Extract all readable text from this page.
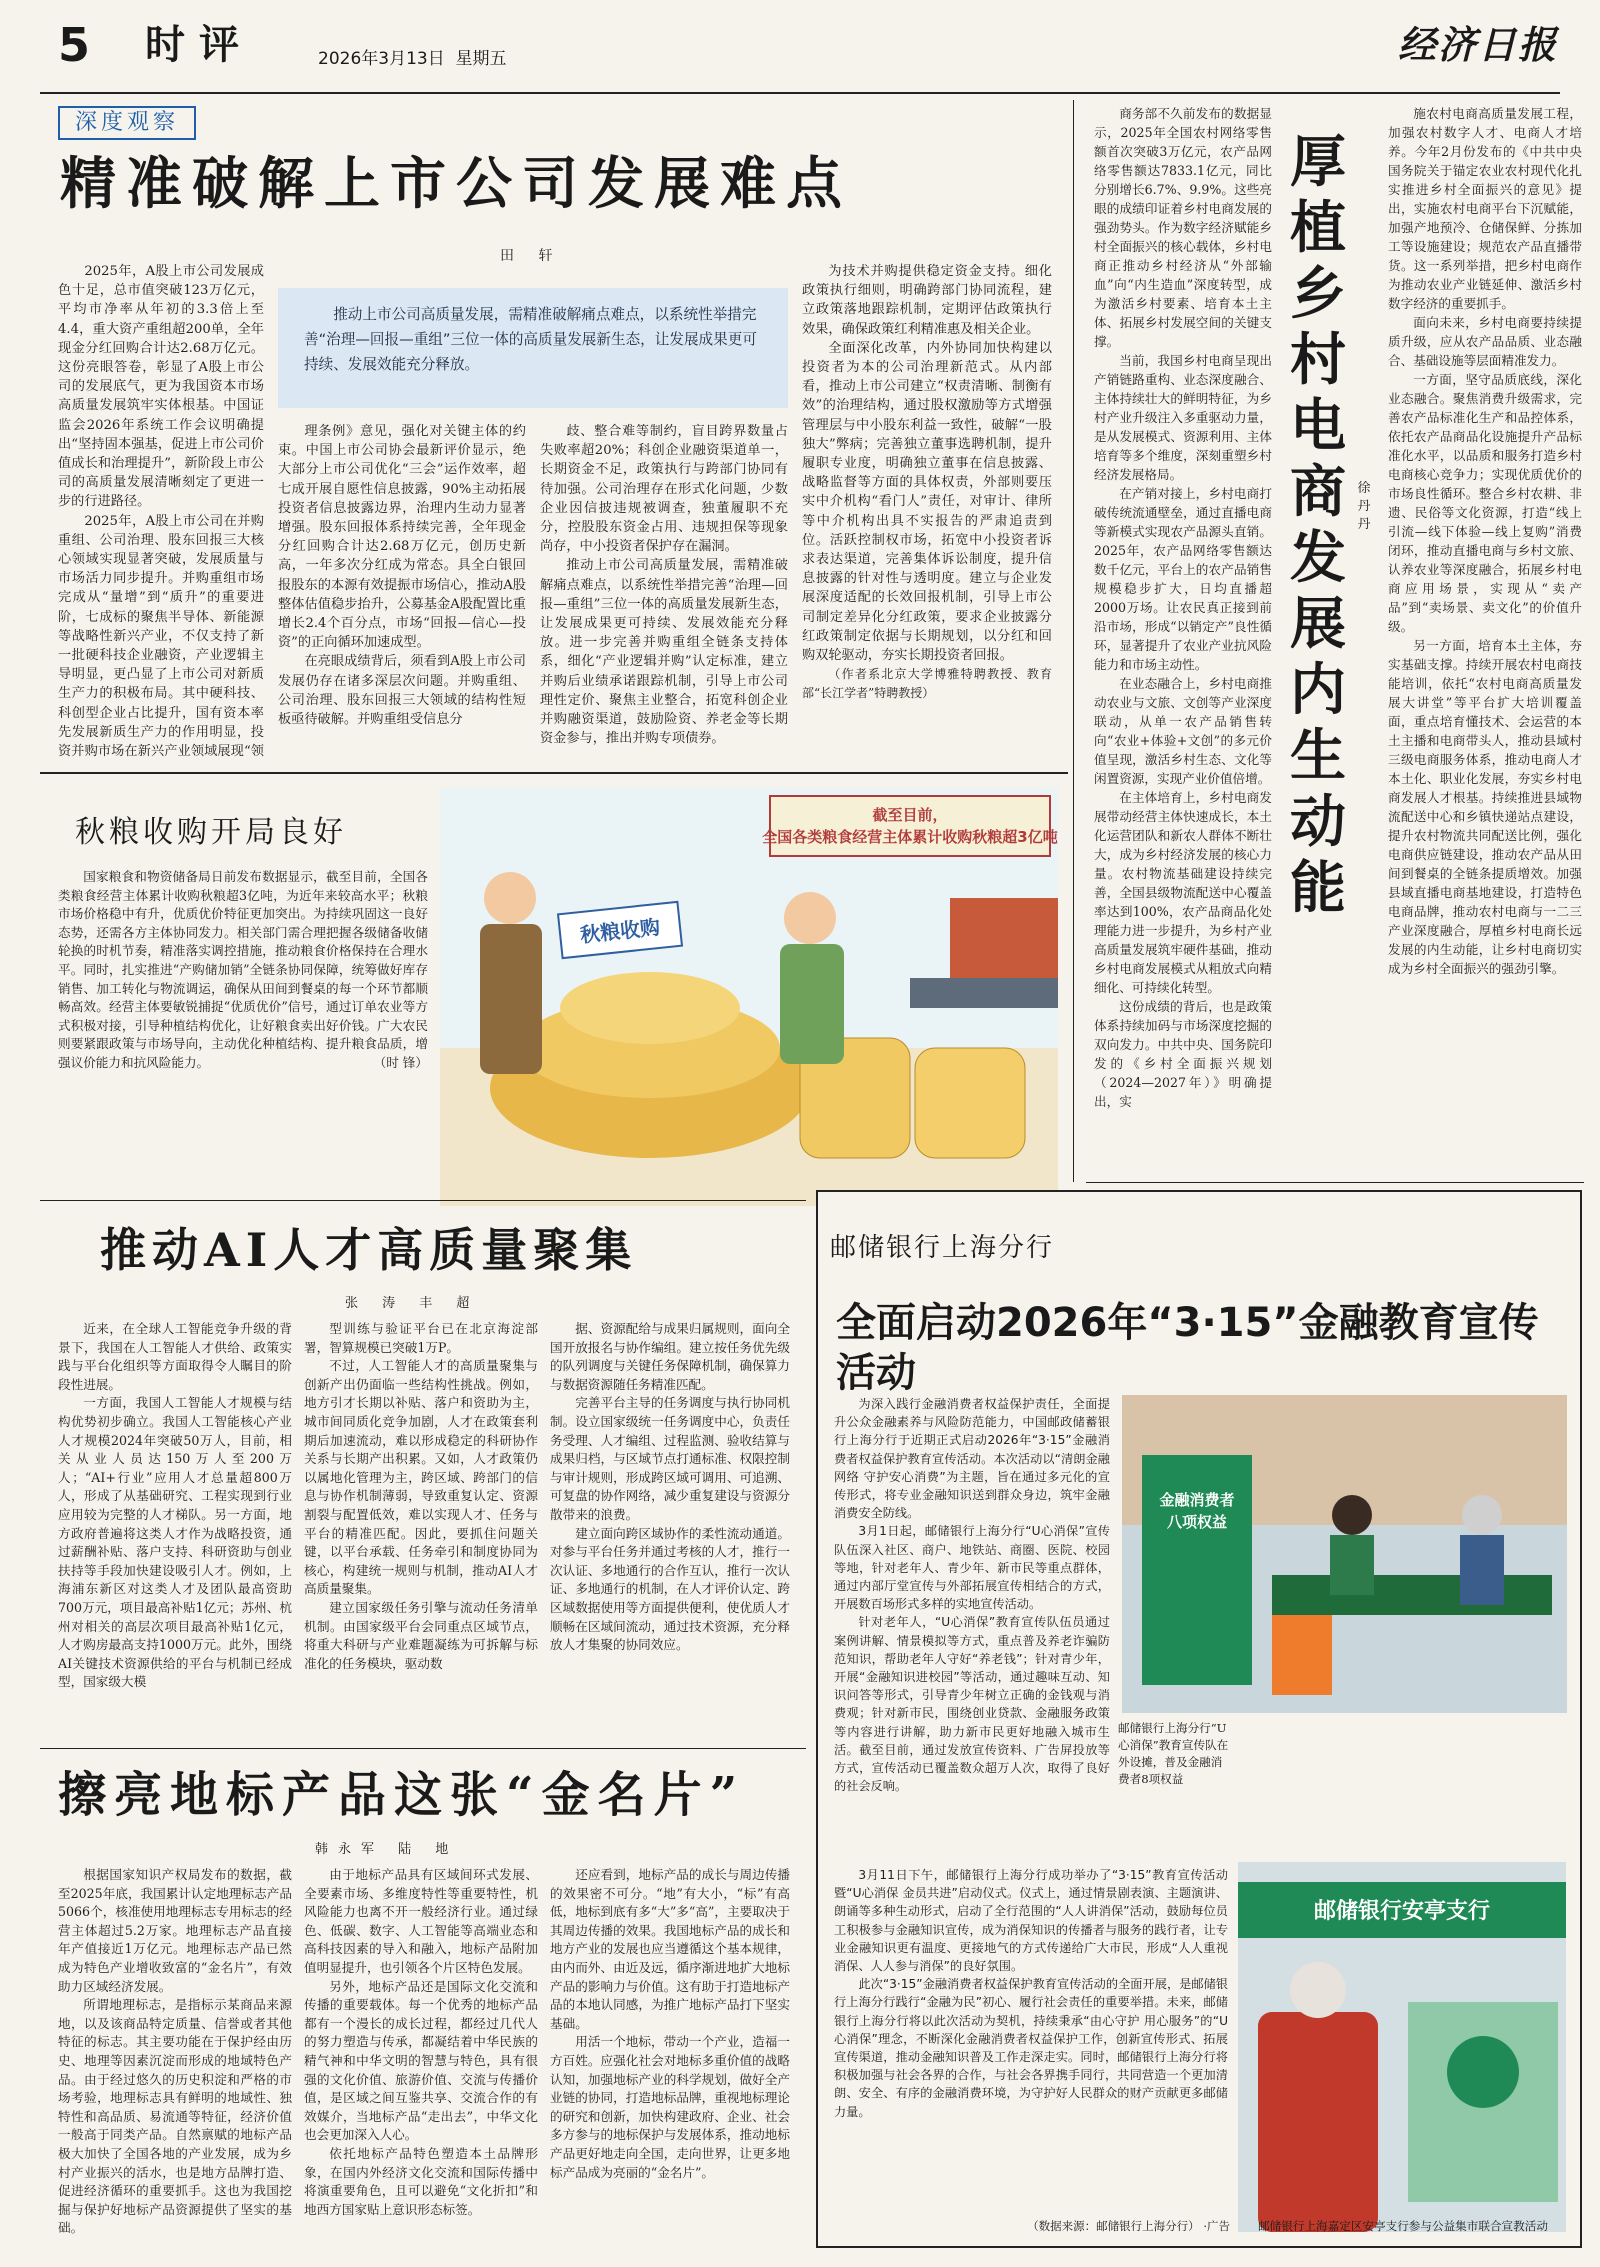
5 时评	2026年3月13日 星期五	经济日报
深度观察
精准破解上市公司发展难点
田 轩
推动上市公司高质量发展，需精准破解痛点难点，以系统性举措完善“治理—回报—重组”三位一体的高质量发展新生态，让发展成果更可持续、发展效能充分释放。

2025年，A股上市公司发展成色十足，总市值突破123万亿元，平均市净率从年初的3.3倍上至4.4，重大资产重组超200单，全年现金分红回购合计达2.68万亿元。这份亮眼答卷，彰显了A股上市公司的发展底气，更为我国资本市场高质量发展筑牢实体根基。中国证监会2026年系统工作会议明确提出“坚持固本强基，促进上市公司价值成长和治理提升”，新阶段上市公司的高质量发展清晰刻定了更进一步的行进路径。

2025年，A股上市公司在并购重组、公司治理、股东回报三大核心领域实现显著突破，发展质量与市场活力同步提升。并购重组市场完成从“量增”到“质升”的重要进阶，七成标的聚焦半导体、新能源等战略性新兴产业，不仅支持了新一批硬科技企业融资，产业逻辑主导明显，更凸显了上市公司对新质生产力的积极布局。其中硬科技、科创型企业占比提升，国有资本率先发展新质生产力的作用明显，投资并购市场在新兴产业领域展现“领

理条例》意见，强化对关键主体的约束。中国上市公司协会最新评价显示，绝大部分上市公司优化“三会”运作效率，超七成开展自愿性信息披露，90%主动拓展投资者信息披露边界，治理内生动力显著增强。股东回报体系持续完善，全年现金分红回购合计达2.68万亿元，创历史新高，一年多次分红成为常态。具全白银回报股东的本源有效提振市场信心，推动A股整体估值稳步抬升，公募基金A股配置比重增长2.4个百分点，市场“回报—信心—投资”的正向循环加速成型。

在亮眼成绩背后，须看到A股上市公司发展仍存在诸多深层次问题。并购重组、公司治理、股东回报三大领域的结构性短板亟待破解。并购重组受信息分

歧、整合难等制约，盲目跨界数量占失败率超20%；科创企业融资渠道单一，长期资金不足，政策执行与跨部门协同有待加强。公司治理存在形式化问题，少数企业因信披违规被调查，独董履职不充分，控股股东资金占用、违规担保等现象尚存，中小投资者保护存在漏洞。

推动上市公司高质量发展，需精准破解痛点难点，以系统性举措完善“治理—回报—重组”三位一体的高质量发展新生态，让发展成果更可持续、发展效能充分释放。进一步完善并购重组全链条支持体系，细化“产业逻辑并购”认定标准，建立并购后业绩承诺跟踪机制，引导上市公司理性定价、聚焦主业整合，拓宽科创企业并购融资渠道，鼓励险资、养老金等长期资金参与，推出并购专项债券。

为技术并购提供稳定资金支持。细化政策执行细则，明确跨部门协同流程，建立政策落地跟踪机制，定期评估政策执行效果，确保政策红利精准惠及相关企业。

全面深化改革，内外协同加快构建以投资者为本的公司治理新范式。从内部看，推动上市公司建立“权责清晰、制衡有效”的治理结构，通过股权激励等方式增强管理层与中小股东利益一致性，破解“一股独大”弊病；完善独立董事选聘机制，提升履职专业度，明确独立董事在信息披露、战略监督等方面的具体权责，外部则要压实中介机构“看门人”责任，对审计、律所等中介机构出具不实报告的严肃追责到位。活跃控制权市场，拓宽中小投资者诉求表达渠道，完善集体诉讼制度，提升信息披露的针对性与透明度。建立与企业发展深度适配的长效回报机制，引导上市公司制定差异化分红政策，要求企业披露分红政策制定依据与长期规划，以分红和回购双轮驱动，夯实长期投资者回报。

（作者系北京大学博雅特聘教授、教育部“长江学者”特聘教授）

商务部不久前发布的数据显示，2025年全国农村网络零售额首次突破3万亿元，农产品网络零售额达7833.1亿元，同比分别增长6.7%、9.9%。这些亮眼的成绩印证着乡村电商发展的强劲势头。作为数字经济赋能乡村全面振兴的核心载体，乡村电商正推动乡村经济从“外部输血”向“内生造血”深度转型，成为激活乡村要素、培育本土主体、拓展乡村发展空间的关键支撑。

当前，我国乡村电商呈现出产销链路重构、业态深度融合、主体持续壮大的鲜明特征，为乡村产业升级注入多重驱动力量，是从发展模式、资源利用、主体培育等多个维度，深刻重塑乡村经济发展格局。

在产销对接上，乡村电商打破传统流通壁垒，通过直播电商等新模式实现农产品源头直销。2025年，农产品网络零售额达数千亿元，平台上的农产品销售规模稳步扩大，日均直播超2000万场。让农民真正接到前沿市场，形成“以销定产”良性循环，显著提升了农业产业抗风险能力和市场主动性。

在业态融合上，乡村电商推动农业与文旅、文创等产业深度联动，从单一农产品销售转向“农业+体验+文创”的多元价值呈现，激活乡村生态、文化等闲置资源，实现产业价值倍增。

在主体培育上，乡村电商发展带动经营主体快速成长，本土化运营团队和新农人群体不断壮大，成为乡村经济发展的核心力量。农村物流基础建设持续完善，全国县级物流配送中心覆盖率达到100%，农产品商品化处理能力进一步提升，为乡村产业高质量发展筑牢硬件基础，推动乡村电商发展模式从粗放式向精细化、可持续化转型。

这份成绩的背后，也是政策体系持续加码与市场深度挖掘的双向发力。中共中央、国务院印发的《乡村全面振兴规划（2024—2027年）》明确提出，实

厚植乡村电商发展内生动能
徐丹丹

施农村电商高质量发展工程，加强农村数字人才、电商人才培养。今年2月份发布的《中共中央 国务院关于锚定农业农村现代化扎实推进乡村全面振兴的意见》提出，实施农村电商平台下沉赋能，加强产地预冷、仓储保鲜、分拣加工等设施建设；规范农产品直播带货。这一系列举措，把乡村电商作为推动农业产业链延伸、激活乡村数字经济的重要抓手。

面向未来，乡村电商要持续提质升级，应从农产品品质、业态融合、基础设施等层面精准发力。

一方面，坚守品质底线，深化业态融合。聚焦消费升级需求，完善农产品标准化生产和品控体系，依托农产品商品化设施提升产品标准化水平，以品质和服务打造乡村电商核心竞争力；实现优质优价的市场良性循环。整合乡村农耕、非遗、民俗等文化资源，打造“线上引流—线下体验—线上复购”消费闭环，推动直播电商与乡村文旅、认养农业等深度融合，拓展乡村电商应用场景，实现从“卖产品”到“卖场景、卖文化”的价值升级。

另一方面，培育本土主体，夯实基础支撑。持续开展农村电商技能培训，依托“农村电商高质量发展大讲堂”等平台扩大培训覆盖面，重点培育懂技术、会运营的本土主播和电商带头人，推动县域村三级电商服务体系，推动电商人才本土化、职业化发展，夯实乡村电商发展人才根基。持续推进县域物流配送中心和乡镇快递站点建设，提升农村物流共同配送比例，强化电商供应链建设，推动农产品从田间到餐桌的全链条提质增效。加强县域直播电商基地建设，打造特色电商品牌，推动农村电商与一二三产业深度融合，厚植乡村电商长远发展的内生动能，让乡村电商切实成为乡村全面振兴的强劲引擎。

秋粮收购开局良好
国家粮食和物资储备局日前发布数据显示，截至目前，全国各类粮食经营主体累计收购秋粮超3亿吨，为近年来较高水平；秋粮市场价格稳中有升，优质优价特征更加突出。为持续巩固这一良好态势，还需各方主体协同发力。相关部门需合理把握各级储备收储轮换的时机节奏，精准落实调控措施，推动粮食价格保持在合理水平。同时，扎实推进“产购储加销”全链条协同保障，统筹做好库存销售、加工转化与物流调运，确保从田间到餐桌的每一个环节都顺畅高效。经营主体要敏锐捕捉“优质优价”信号，通过订单农业等方式积极对接，引导种植结构优化，让好粮食卖出好价钱。广大农民则要紧跟政策与市场导向，主动优化种植结构、提升粮食品质，增强议价能力和抗风险能力。	（时 锋）
截至目前，
全国各类粮食经营主体累计收购秋粮超3亿吨
秋粮收购
推动AI人才高质量聚集
张 涛 丰 超

近来，在全球人工智能竞争升级的背景下，我国在人工智能人才供给、政策实践与平台化组织等方面取得令人瞩目的阶段性进展。

一方面，我国人工智能人才规模与结构优势初步确立。我国人工智能核心产业人才规模2024年突破50万人，目前，相关从业人员达150万人至200万人；“AI+行业”应用人才总量超800万人，形成了从基础研究、工程实现到行业应用较为完整的人才梯队。另一方面，地方政府普遍将这类人才作为战略投资，通过薪酬补贴、落户支持、科研资助与创业扶持等手段加快建设吸引人才。例如，上海浦东新区对这类人才及团队最高资助700万元，项目最高补贴1亿元；苏州、杭州对相关的高层次项目最高补贴1亿元，人才购房最高支持1000万元。此外，围绕AI关键技术资源供给的平台与机制已经成型，国家级大模

型训练与验证平台已在北京海淀部署，智算规模已突破1万P。

不过，人工智能人才的高质量聚集与创新产出仍面临一些结构性挑战。例如，地方引才长期以补贴、落户和资助为主，城市间同质化竞争加剧，人才在政策套利期后加速流动，难以形成稳定的科研协作关系与长期产出积累。又如，人才政策仍以属地化管理为主，跨区域、跨部门的信息与协作机制薄弱，导致重复认定、资源割裂与配置低效，难以实现人才、任务与平台的精准匹配。因此，要抓住问题关键，以平台承载、任务牵引和制度协同为核心，构建统一规则与机制，推动AI人才高质量聚集。

建立国家级任务引擎与流动任务清单机制。由国家级平台会同重点区域节点，将重大科研与产业难题凝练为可拆解与标准化的任务模块，驱动数

据、资源配给与成果归属规则，面向全国开放报名与协作编组。建立按任务优先级的队列调度与关键任务保障机制，确保算力与数据资源随任务精准匹配。

完善平台主导的任务调度与执行协同机制。设立国家级统一任务调度中心，负责任务受理、人才编组、过程监测、验收结算与成果归档，与区域节点打通标准、权限控制与审计规则，形成跨区域可调用、可追溯、可复盘的协作网络，减少重复建设与资源分散带来的浪费。

建立面向跨区域协作的柔性流动通道。对参与平台任务并通过考核的人才，推行一次认证、多地通行的合作互认，推行一次认证、多地通行的机制，在人才评价认定、跨区域数据使用等方面提供便利，使优质人才顺畅在区域间流动，通过技术资源，充分释放人才集聚的协同效应。

擦亮地标产品这张“金名片”
韩永军 陆 地

根据国家知识产权局发布的数据，截至2025年底，我国累计认定地理标志产品5066个，核准使用地理标志专用标志的经营主体超过5.2万家。地理标志产品直接年产值接近1万亿元。地理标志产品已然成为特色产业增收致富的“金名片”，有效助力区域经济发展。

所谓地理标志，是指标示某商品来源地，以及该商品特定质量、信誉或者其他特征的标志。其主要功能在于保护经由历史、地理等因素沉淀而形成的地域特色产品。由于经过悠久的历史积淀和严格的市场考验，地理标志具有鲜明的地域性、独特性和高品质、易流通等特征，经济价值一般高于同类产品。自然禀赋的地标产品极大加快了全国各地的产业发展，成为乡村产业振兴的活水，也是地方品牌打造、促进经济循环的重要抓手。这也为我国挖掘与保护好地标产品资源提供了坚实的基础。

由于地标产品具有区域间环式发展、全要素市场、多维度特性等重要特性，机风险能力也离不开一般经济行业。通过绿色、低碳、数字、人工智能等高端业态和高科技因素的导入和融入，地标产品附加值明显提升，也引领各个片区特色发展。

另外，地标产品还是国际文化交流和传播的重要载体。每一个优秀的地标产品都有一个漫长的成长过程，都经过几代人的努力塑造与传承，都凝结着中华民族的精气神和中华文明的智慧与特色，具有很强的文化价值、旅游价值、交流与传播价值，是区域之间互鉴共享、交流合作的有效媒介，当地标产品“走出去”，中华文化也会更加深入人心。

依托地标产品特色塑造本土品牌形象，在国内外经济文化交流和国际传播中将演重要角色，且可以避免“文化折扣”和地西方国家贴上意识形态标签。

还应看到，地标产品的成长与周边传播的效果密不可分。“地”有大小，“标”有高低，地标到底有多“大”多“高”，主要取决于其周边传播的效果。我国地标产品的成长和地方产业的发展也应当遵循这个基本规律，由内而外、由近及远，循序渐进地扩大地标产品的影响力与价值。这有助于打造地标产品的本地认同感，为推广地标产品打下坚实基础。

用活一个地标，带动一个产业，造福一方百姓。应强化社会对地标多重价值的战略认知，加强地标产业的科学规划，做好全产业链的协同，打造地标品牌，重视地标理论的研究和创新，加快构建政府、企业、社会多方参与的地标保护与发展体系，推动地标产品更好地走向全国，走向世界，让更多地标产品成为亮丽的“金名片”。

邮储银行上海分行
全面启动2026年“3·15”金融教育宣传活动

为深入践行金融消费者权益保护责任，全面提升公众金融素养与风险防范能力，中国邮政储蓄银行上海分行于近期正式启动2026年“3·15”金融消费者权益保护教育宣传活动。本次活动以“清朗金融 网络 守护安心消费”为主题，旨在通过多元化的宣传形式，将专业金融知识送到群众身边，筑牢金融消费安全防线。

3月1日起，邮储银行上海分行“U心消保”宣传队伍深入社区、商户、地铁站、商圈、医院、校园等地，针对老年人、青少年、新市民等重点群体，通过内部厅堂宣传与外部拓展宣传相结合的方式，开展数百场形式多样的实地宣传活动。

针对老年人，“U心消保”教育宣传队伍员通过案例讲解、情景模拟等方式，重点普及养老诈骗防范知识，帮助老年人守好“养老钱”；针对青少年，开展“金融知识进校园”等活动，通过趣味互动、知识问答等形式，引导青少年树立正确的金钱观与消费观；针对新市民，围绕创业贷款、金融服务政策等内容进行讲解，助力新市民更好地融入城市生活。截至目前，通过发放宣传资料、广告屏投放等方式，宣传活动已覆盖数众超万人次，取得了良好的社会反响。

3月11日下午，邮储银行上海分行成功举办了“3·15”教育宣传活动暨“U心消保 金员共进”启动仪式。仪式上，通过情景剧表演、主题演讲、朗诵等多种生动形式，启动了全行范围的“人人讲消保”活动，鼓励每位员工积极参与金融知识宣传，成为消保知识的传播者与服务的践行者，让专业金融知识更有温度、更接地气的方式传递给广大市民，形成“人人重视消保、人人参与消保”的良好氛围。

此次“3·15”金融消费者权益保护教育宣传活动的全面开展，是邮储银行上海分行践行“金融为民”初心、履行社会责任的重要举措。未来，邮储银行上海分行将以此次活动为契机，持续秉承“由心守护 用心服务”的“U心消保”理念，不断深化金融消费者权益保护工作，创新宣传形式、拓展宣传渠道，推动金融知识普及工作走深走实。同时，邮储银行上海分行将积极加强与社会各界的合作，与社会各界携手同行，共同营造一个更加清朗、安全、有序的金融消费环境，为守护好人民群众的财产贡献更多邮储力量。

（数据来源：邮储银行上海分行） ·广告
金融消费者
八项权益
邮储银行上海分行“U心消保”教育宣传队在外设摊，普及金融消费者8项权益
邮储银行安亭支行
邮储银行上海嘉定区安亭支行参与公益集市联合宣教活动
